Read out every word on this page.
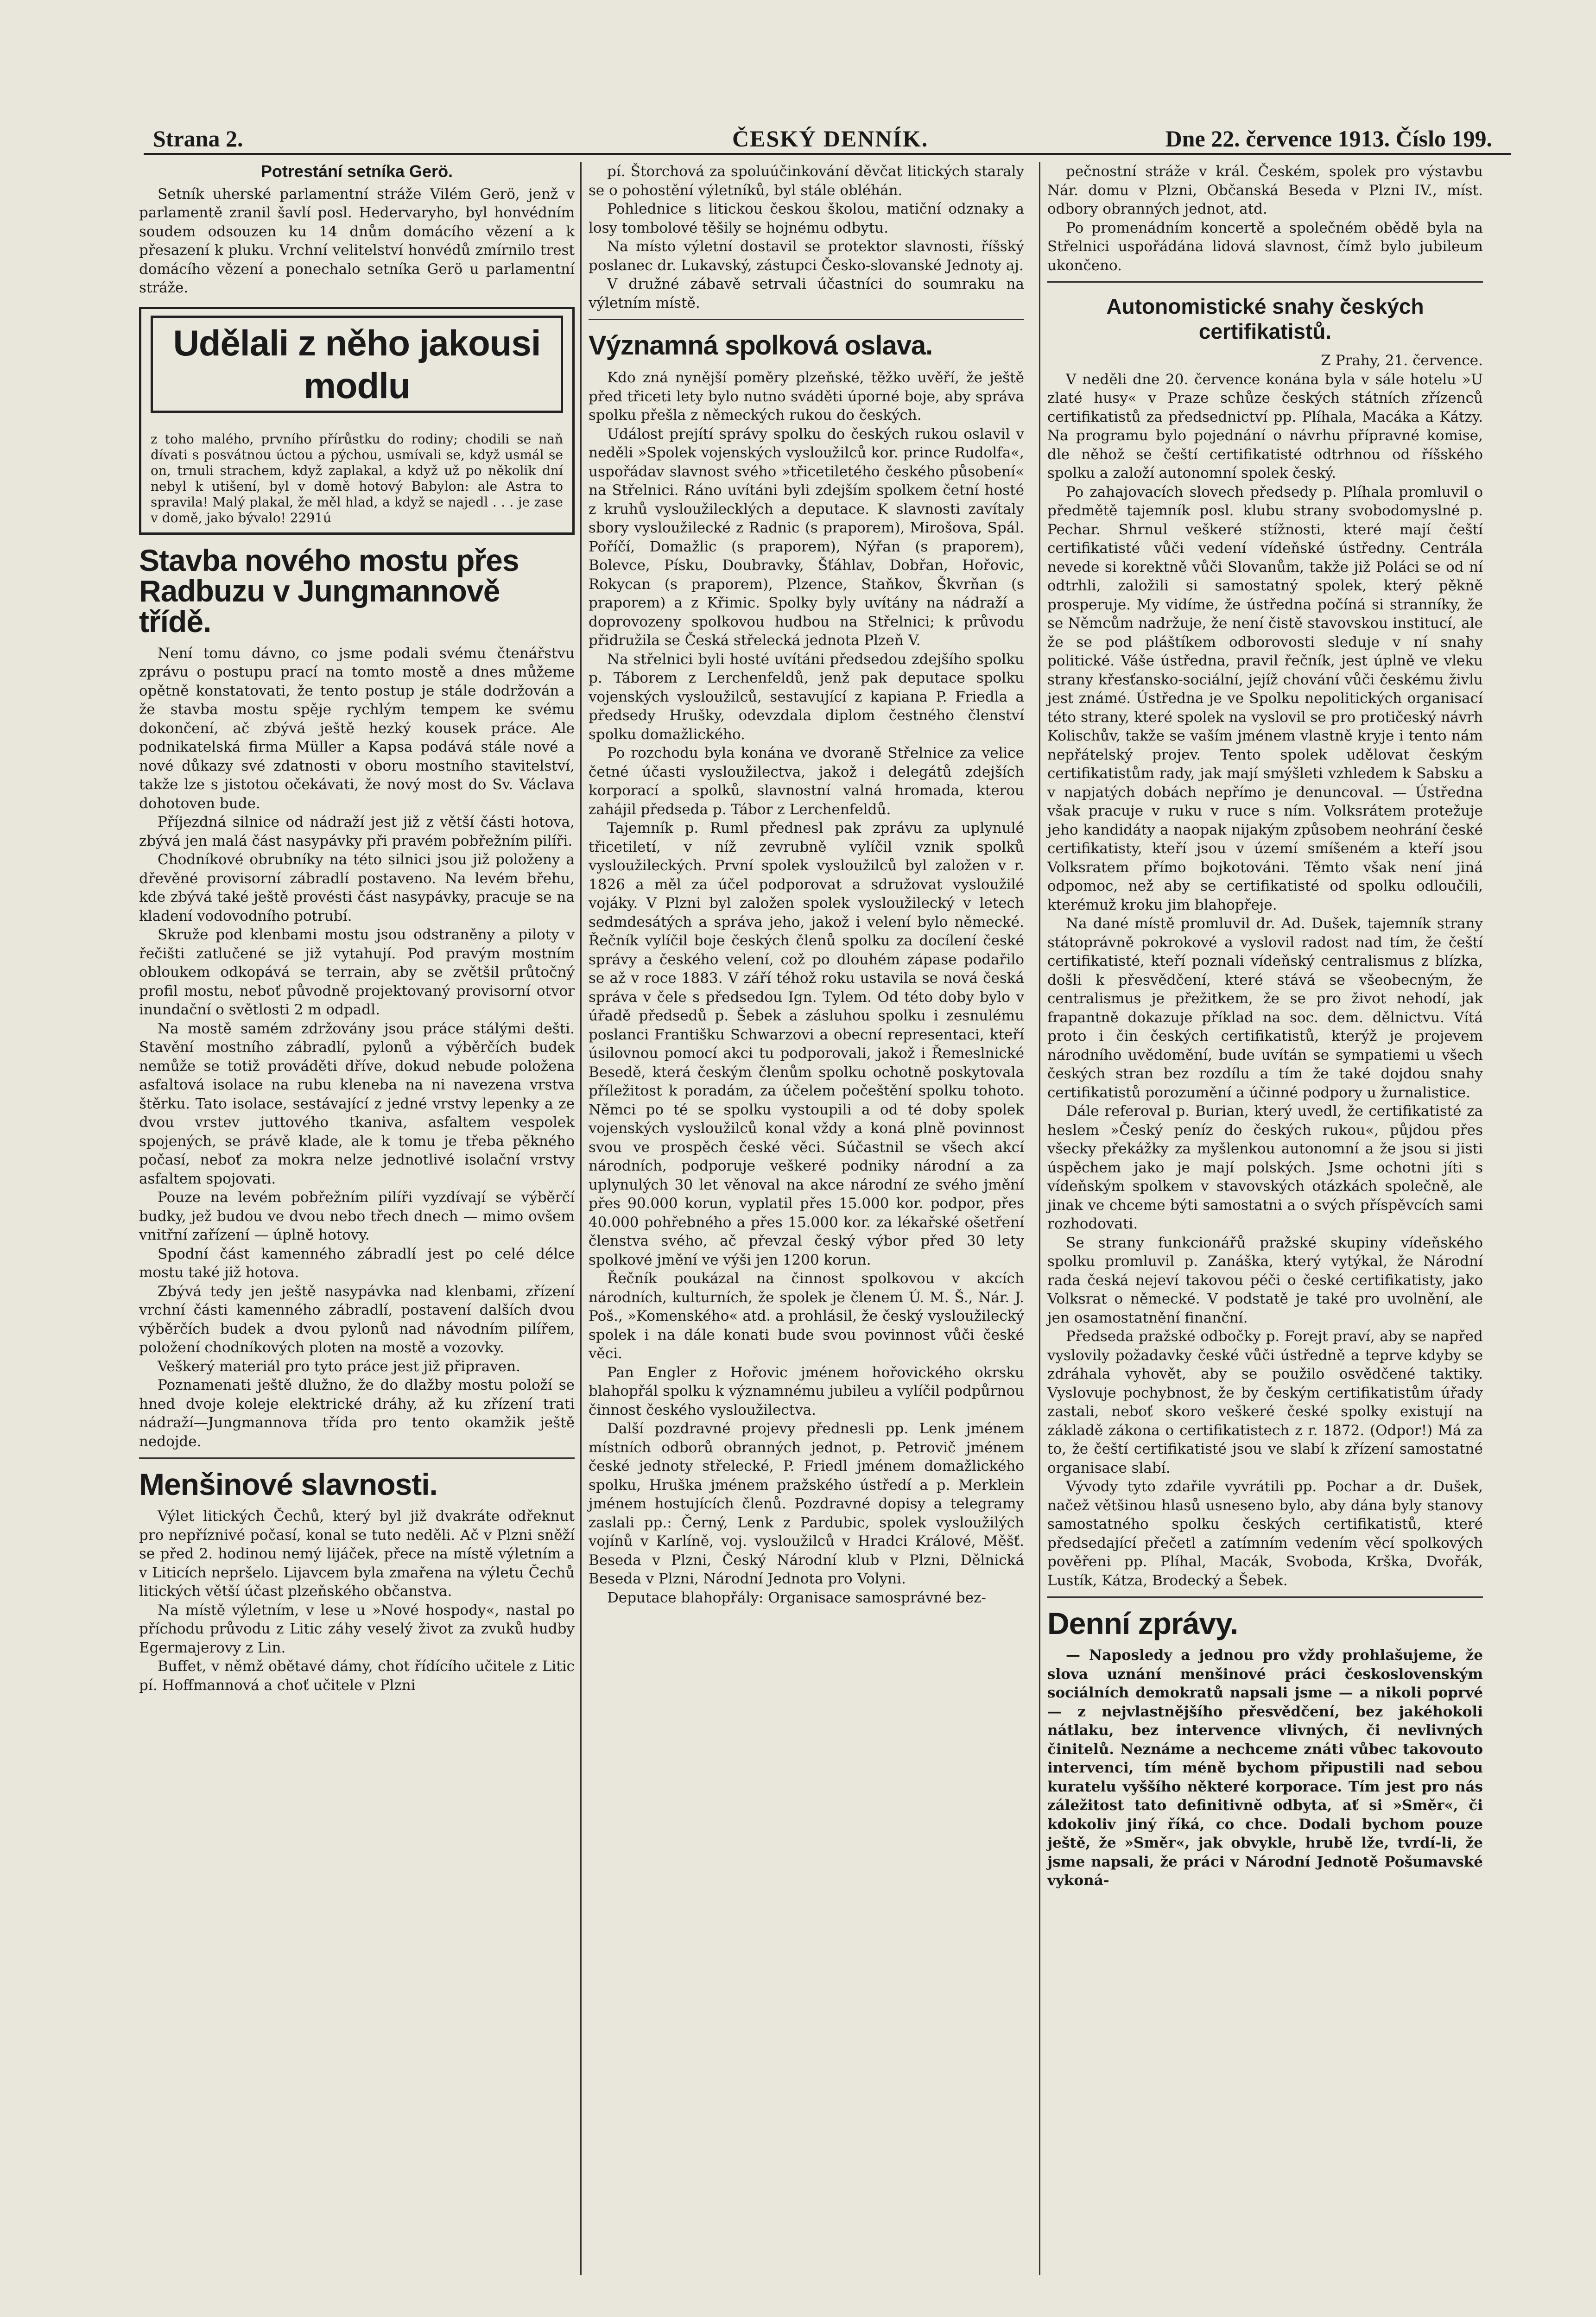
Strana 2.	ČESKÝ DENNÍK.	Dne 22. července 1913. Číslo 199.
Potrestání setníka Gerö.

Setník uherské parlamentní stráže Vilém Gerö, jenž v parlamentě zranil šavlí posl. Hedervaryho, byl honvédním soudem odsouzen ku 14 dnům domácího vězení a k přesazení k pluku. Vrchní velitelství honvédů zmírnilo trest domácího vězení a ponechalo setníka Gerö u parlamentní stráže.

Udělali z něho jakousi modlu

z toho malého, prvního přírůstku do rodiny; chodili se naň dívati s posvátnou úctou a pýchou, usmívali se, když usmál se on, trnuli strachem, když zaplakal, a když už po několik dní nebyl k utišení, byl v domě hotový Babylon: ale Astra to spravila! Malý plakal, že měl hlad, a když se najedl . . . je zase v domě, jako bývalo! 2291ú

Stavba nového mostu přes Radbuzu v Jungmannově třídě.

Není tomu dávno, co jsme podali svému čtenářstvu zprávu o postupu prací na tomto mostě a dnes můžeme opětně konstatovati, že tento postup je stále dodržován a že stavba mostu spěje rychlým tempem ke svému dokončení, ač zbývá ještě hezký kousek práce. Ale podnikatelská firma Müller a Kapsa podává stále nové a nové důkazy své zdatnosti v oboru mostního stavitelství, takže lze s jistotou očekávati, že nový most do Sv. Václava dohotoven bude.

Příjezdná silnice od nádraží jest již z větší části hotova, zbývá jen malá část nasypávky při pravém pobřežním pilíři.

Chodníkové obrubníky na této silnici jsou již položeny a dřevěné provisorní zábradlí postaveno. Na levém břehu, kde zbývá také ještě provésti část nasypávky, pracuje se na kladení vodovodního potrubí.

Skruže pod klenbami mostu jsou odstraněny a piloty v řečišti zatlučené se již vytahují. Pod pravým mostním obloukem odkopává se terrain, aby se zvětšil průtočný profil mostu, neboť původně projektovaný provisorní otvor inundační o světlosti 2 m odpadl.

Na mostě samém zdržovány jsou práce stálými dešti. Stavění mostního zábradlí, pylonů a výběrčích budek nemůže se totiž prováděti dříve, dokud nebude položena asfaltová isolace na rubu klenebа na ni navezena vrstva štěrku. Tato isolace, sestávající z jedné vrstvy lepenky a ze dvou vrstev juttového tkaniva, asfaltem vespolek spojených, se právě klade, ale k tomu je třeba pěkného počasí, neboť za mokra nelze jednotlivé isolační vrstvy asfaltem spojovati.

Pouze na levém pobřežním pilíři vyzdívají se výběrčí budky, jež budou ve dvou nebo třech dnech — mimo ovšem vnitřní zařízení — úplně hotovy.

Spodní část kamenného zábradlí jest po celé délce mostu také již hotova.

Zbývá tedy jen ještě nasypávka nad klenbami, zřízení vrchní části kamenného zábradlí, postavení dalších dvou výběrčích budek a dvou pylonů nad návodním pilířem, položení chodníkových ploten na mostě a vozovky.

Veškerý materiál pro tyto práce jest již připraven.

Poznamenati ještě dlužno, že do dlažby mostu položí se hned dvoje koleje elektrické dráhy, až ku zřízení trati nádraží—Jungmannova třída pro tento okamžik ještě nedojde.

Menšinové slavnosti.

Výlet litických Čechů, který byl již dvakráte odřeknut pro nepříznivé počasí, konal se tuto neděli. Ač v Plzni sněží se před 2. hodinou nemý lijáček, přece na místě výletním a v Liticích nepršelo. Lijavcem byla zmařena na výletu Čechů litických větší účast plzeňského občanstva.

Na místě výletním, v lese u »Nové hospody«, nastal po příchodu průvodu z Litic záhy veselý život za zvuků hudby Egermajerovy z Lin.

Buffet, v němž obětavé dámy, chot řídícího učitele z Litic pí. Hoffmannová a choť učitele v Plzni

pí. Štorchová za spoluúčinkování děvčat litických staraly se o pohostění výletníků, byl stále obléhán.

Pohlednice s litickou českou školou, matiční odznaky a losy tombolové těšily se hojnému odbytu.

Na místo výletní dostavil se protektor slavnosti, říšský poslanec dr. Lukavský, zástupci Česko-slovanské Jednoty aj.

V družné zábavě setrvali účastníci do soumraku na výletním místě.

Významná spolková oslava.

Kdo zná nynější poměry plzeňské, těžko uvěří, že ještě před třiceti lety bylo nutno sváděti úporné boje, aby správa spolku přešla z německých rukou do českých.

Událost prejítí správy spolku do českých rukou oslavil v neděli »Spolek vojenských vysloužilců kor. prince Rudolfa«, uspořádav slavnost svého »třicetiletého českého působení« na Střelnici. Ráno uvítáni byli zdejším spolkem četní hosté z kruhů vysloužilecklých a deputace. K slavnosti zavítaly sbory vysloužilecké z Radnic (s praporem), Mirošova, Spál. Poříčí, Domažlic (s praporem), Nýřan (s praporem), Bolevce, Písku, Doubravky, Šťáhlav, Dobřan, Hořovic, Rokycan (s praporem), Plzence, Staňkov, Škvrňan (s praporem) a z Křimic. Spolky byly uvítány na nádraží a doprovozeny spolkovou hudbou na Střelnici; k průvodu přidružila se Česká střelecká jednota Plzeň V.

Na střelnici byli hosté uvítáni předsedou zdejšího spolku p. Táborem z Lerchenfeldů, jenž pak deputace spolku vojenských vysloužilců, sestavující z kapiana P. Friedla a předsedy Hrušky, odevzdala diplom čestného členství spolku domažlického.

Po rozchodu byla konána ve dvoraně Střelnice za velice četné účasti vysloužilectva, jakož i delegátů zdejších korporací a spolků, slavnostní valná hromada, kterou zahájil předseda p. Tábor z Lerchenfeldů.

Tajemník p. Ruml přednesl pak zprávu za uplynulé třicetiletí, v níž zevrubně vylíčil vznik spolků vysloužileckých. První spolek vysloužilců byl založen v r. 1826 a měl za účel podporovat a sdružovat vysloužilé vojáky. V Plzni byl založen spolek vysloužilecký v letech sedmdesátých a správa jeho, jakož i velení bylo německé. Řečník vylíčil boje českých členů spolku za docílení české správy a českého velení, což po dlouhém zápase podařilo se až v roce 1883. V září téhož roku ustavila se nová česká správa v čele s předsedou Ign. Tylem. Od této doby bylo v úřadě předsedů p. Šebek a zásluhou spolku i zesnulému poslanci Františku Schwarzovi a obecní representaci, kteří úsilovnou pomocí akci tu podporovali, jakož i Řemeslnické Besedě, která českým členům spolku ochotně poskytovala příležitost k poradám, za účelem počeštění spolku tohoto. Němci po té se spolku vystoupili a od té doby spolek vojenských vysloužilců konal vždy a koná plně povinnost svou ve prospěch české věci. Súčastnil se všech akcí národních, podporuje veškeré podniky národní a za uplynulých 30 let věnoval na akce národní ze svého jmění přes 90.000 korun, vyplatil přes 15.000 kor. podpor, přes 40.000 pohřebného a přes 15.000 kor. za lékařské ošetření členstva svého, ač převzal český výbor před 30 lety spolkové jmění ve výši jen 1200 korun.

Řečník poukázal na činnost spolkovou v akcích národních, kulturních, že spolek je členem Ú. M. Š., Nár. J. Poš., »Komenského« atd. a prohlásil, že český vysloužilecký spolek i na dále konati bude svou povinnost vůči české věci.

Pan Engler z Hořovic jménem hořovického okrsku blahopřál spolku k významnému jubileu a vylíčil podpůrnou činnost českého vysloužilectva.

Další pozdravné projevy přednesli pp. Lenk jménem místních odborů obranných jednot, p. Petrovič jménem české jednoty střelecké, P. Friedl jménem domažlického spolku, Hruška jménem pražského ústředí a p. Merklein jménem hostujících členů. Pozdravné dopisy a telegramy zaslali pp.: Černý, Lenk z Pardubic, spolek vysloužilých vojínů v Karlíně, voj. vysloužilců v Hradci Králové, Měšť. Beseda v Plzni, Český Národní klub v Plzni, Dělnická Beseda v Plzni, Národní Jednota pro Volyni.

Deputace blahopřály: Organisace samosprávné bez-

pečnostní stráže v král. Českém, spolek pro výstavbu Nár. domu v Plzni, Občanská Beseda v Plzni IV., míst. odbory obranných jednot, atd.

Po promenádním koncertě a společném obědě byla na Střelnici uspořádána lidová slavnost, čímž bylo jubileum ukončeno.

Autonomistické snahy českých certifikatistů.

Z Prahy, 21. července.

V neděli dne 20. července konána byla v sále hotelu »U zlaté husy« v Praze schůze českých státních zřízenců certifikatistů za předsednictví pp. Plíhala, Macáka a Kátzy. Na programu bylo pojednání o návrhu přípravné komise, dle něhož se čeští certifikatisté odtrhnou od říšského spolku a založí autonomní spolek český.

Po zahajovacích slovech předsedy p. Plíhala promluvil o předmětě tajemník posl. klubu strany svobodomyslné p. Pechar. Shrnul veškeré stížnosti, které mají čeští certifikatisté vůči vedení vídeňské ústředny. Centrála nevede si korektně vůči Slovanům, takže již Poláci se od ní odtrhli, založili si samostatný spolek, který pěkně prosperuje. My vidíme, že ústředna počíná si stranníky, že se Němcům nadržuje, že není čistě stavovskou institucí, ale že se pod pláštíkem odborovosti sleduje v ní snahy politické. Váše ústředna, pravil řečník, jest úplně ve vleku strany křesťansko-sociální, jejíž chování vůči českému živlu jest známé. Ústředna je ve Spolku nepolitických organisací této strany, které spolek na vyslovil se pro protičeský návrh Kolischův, takže se vaším jménem vlastně kryje i tento nám nepřátelský projev. Tento spolek udělovat českým certifikatistům rady, jak mají smýšleti vzhledem k Sabsku a v napjatých dobách nepřímo je denuncoval. — Ústředna však pracuje v ruku v ruce s ním. Volksrátem protežuje jeho kandidáty a naopak nijakým způsobem neohrání české certifikatisty, kteří jsou v území smíšeném a kteří jsou Volksratem přímo bojkotováni. Těmto však není jiná odpomoc, než aby se certifikatisté od spolku odloučili, kterémuž kroku jim blahopřeje.

Na dané místě promluvil dr. Ad. Dušek, tajemník strany státoprávně pokrokové a vyslovil radost nad tím, že čeští certifikatisté, kteří poznali vídeňský centralismus z blízka, došli k přesvědčení, které stává se všeobecným, že centralismus je přežitkem, že se pro život nehodí, jak frapantně dokazuje příklad na soc. dem. dělnictvu. Vítá proto i čin českých certifikatistů, kterýž je projevem národního uvědomění, bude uvítán se sympatiemi u všech českých stran bez rozdílu a tím že také dojdou snahy certifikatistů porozumění a účinné podpory u žurnalistice.

Dále referoval p. Burian, který uvedl, že certifikatisté za heslem »Český peníz do českých rukou«, půjdou přes všecky překážky za myšlenkou autonomní a že jsou si jisti úspěchem jako je mají polských. Jsme ochotni jíti s vídeňským spolkem v stavovských otázkách společně, ale jinak ve chceme býti samostatni a o svých příspěvcích sami rozhodovati.

Se strany funkcionářů pražské skupiny vídeňského spolku promluvil p. Zanáška, který vytýkal, že Národní rada česká nejeví takovou péči o české certifikatisty, jako Volksrat o německé. V podstatě je také pro uvolnění, ale jen osamostatnění finanční.

Předseda pražské odbočky p. Forejt praví, aby se napřed vyslovily požadavky české vůči ústředně a teprve kdyby se zdráhala vyhovět, aby se použilo osvědčené taktiky. Vyslovuje pochybnost, že by českým certifikatistům úřady zastali, neboť skoro veškeré české spolky existují na základě zákona o certifikatistech z r. 1872. (Odpor!) Má za to, že čeští certifikatisté jsou ve slabí k zřízení samostatné organisace slabí.

Vývody tyto zdařile vyvrátili pp. Pochar a dr. Dušek, načež většinou hlasů usneseno bylo, aby dána byly stanovy samostatného spolku českých certifikatistů, které předsedající přečetl a zatímním vedením věcí spolkových pověřeni pp. Plíhal, Macák, Svoboda, Krška, Dvořák, Lustík, Kátza, Brodecký a Šebek.

Denní zprávy.

— Naposledy a jednou pro vždy prohlašujeme, že slova uznání menšinové práci československým sociálních demokratů napsali jsme — a nikoli poprvé — z nejvlastnějšího přesvědčení, bez jakéhokoli nátlaku, bez intervence vlivných, či nevlivných činitelů. Neznáme a nechceme znáti vůbec takovouto intervenci, tím méně bychom připustili nad sebou kuratelu vyššího některé korporace. Tím jest pro nás záležitost tato definitivně odbyta, ať si »Směr«, či kdokoliv jiný říká, co chce. Dodali bychom pouze ještě, že »Směr«, jak obvykle, hrubě lže, tvrdí-li, že jsme napsali, že práci v Národní Jednotě Pošumavské vykoná-
